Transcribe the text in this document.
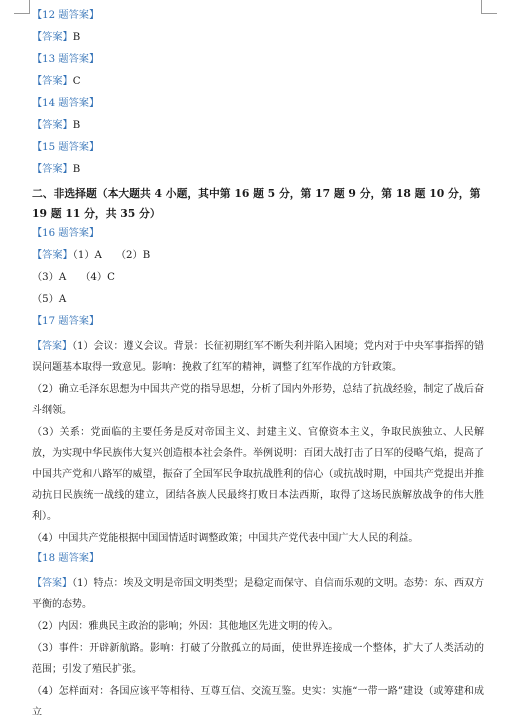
【12 题答案】
【答案】B
【13 题答案】
【答案】C
【14 题答案】
【答案】B
【15 题答案】
【答案】B
二、非选择题（本大题共 4 小题，其中第 16 题 5 分，第 17 题 9 分，第 18 题 10 分，第 19 题 11 分，共 35 分）
【16 题答案】
【答案】（1）A （2）B
（3）A （4）C
（5）A
【17 题答案】
【答案】（1）会议：遵义会议。背景：长征初期红军不断失利并陷入困境；党内对于中央军事指挥的错误问题基本取得一致意见。影响：挽救了红军的精神，调整了红军作战的方针政策。
（2）确立毛泽东思想为中国共产党的指导思想，分析了国内外形势，总结了抗战经验，制定了战后奋斗纲领。
（3）关系：党面临的主要任务是反对帝国主义、封建主义、官僚资本主义，争取民族独立、人民解放，为实现中华民族伟大复兴创造根本社会条件。举例说明：百团大战打击了日军的侵略气焰，提高了中国共产党和八路军的威望，振奋了全国军民争取抗战胜利的信心（或抗战时期，中国共产党提出并推动抗日民族统一战线的建立，团结各族人民最终打败日本法西斯，取得了这场民族解放战争的伟大胜利）。
（4）中国共产党能根据中国国情适时调整政策；中国共产党代表中国广大人民的利益。
【18 题答案】
【答案】（1）特点：埃及文明是帝国文明类型；是稳定而保守、自信而乐观的文明。态势：东、西双方平衡的态势。
（2）内因：雅典民主政治的影响；外因：其他地区先进文明的传入。
（3）事件：开辟新航路。影响：打破了分散孤立的局面，使世界连接成一个整体，扩大了人类活动的范围；引发了殖民扩张。
（4）怎样面对：各国应该平等相待、互尊互信、交流互鉴。史实：实施“一带一路”建设（或筹建和成立
